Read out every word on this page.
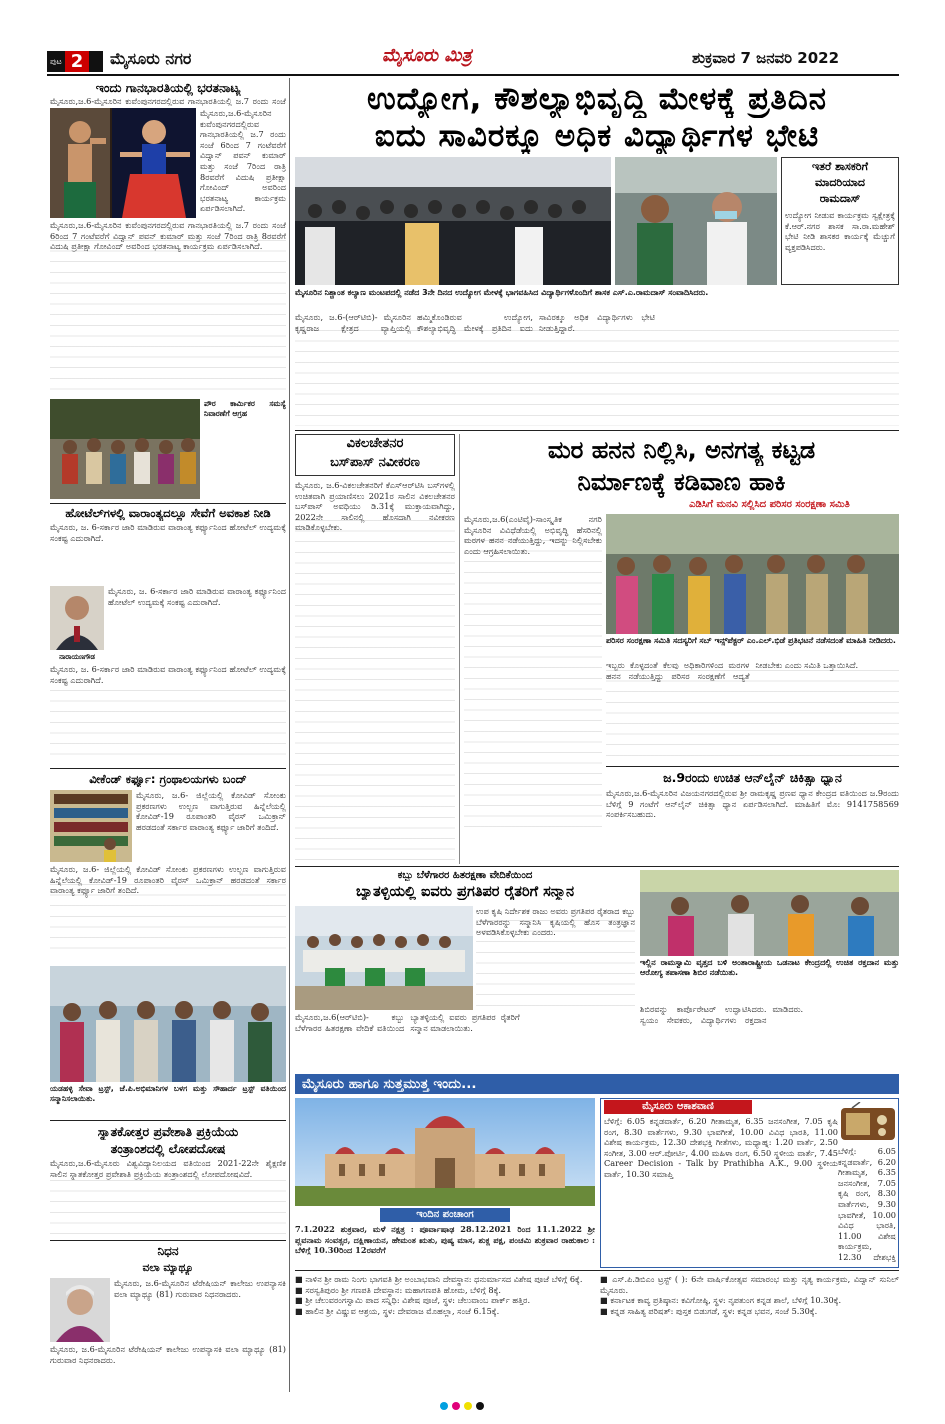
ಪುಟ 2	ಮೈಸೂರು ನಗರ	ಮೈಸೂರು ಮಿತ್ರ	ಶುಕ್ರವಾರ 7 ಜನವರಿ 2022
ಇಂದು ಗಾನಭಾರತಿಯಲ್ಲಿ ಭರತನಾಟ್ಯ
ಮೈಸೂರು,ಜ.6-ಮೈಸೂರಿನ ಕುವೆಂಪುನಗರದಲ್ಲಿರುವ ಗಾನಭಾರತಿಯಲ್ಲಿ ಜ.7 ರಂದು ಸಂಜೆ
ಮೈಸೂರು,ಜ.6-ಮೈಸೂರಿನ ಕುವೆಂಪುನಗರದಲ್ಲಿರುವ ಗಾನಭಾರತಿಯಲ್ಲಿ ಜ.7 ರಂದು ಸಂಜೆ 6ರಿಂದ 7 ಗಂಟೆವರೆಗೆ ವಿದ್ವಾನ್ ಪವನ್ ಕುಮಾರ್ ಮತ್ತು ಸಂಜೆ 7ರಿಂದ ರಾತ್ರಿ 8ರವರೆಗೆ ವಿದುಷಿ ಪ್ರತೀಕ್ಷಾ ಗೋವಿಂದ್ ಅವರಿಂದ ಭರತನಾಟ್ಯ ಕಾರ್ಯಕ್ರಮ ಏರ್ಪಡಿಸಲಾಗಿದೆ.
ಮೈಸೂರು,ಜ.6-ಮೈಸೂರಿನ ಕುವೆಂಪುನಗರದಲ್ಲಿರುವ ಗಾನಭಾರತಿಯಲ್ಲಿ ಜ.7 ರಂದು ಸಂಜೆ 6ರಿಂದ 7 ಗಂಟೆವರೆಗೆ ವಿದ್ವಾನ್ ಪವನ್ ಕುಮಾರ್ ಮತ್ತು ಸಂಜೆ 7ರಿಂದ ರಾತ್ರಿ 8ರವರೆಗೆ ವಿದುಷಿ ಪ್ರತೀಕ್ಷಾ ಗೋವಿಂದ್ ಅವರಿಂದ ಭರತನಾಟ್ಯ ಕಾರ್ಯಕ್ರಮ ಏರ್ಪಡಿಸಲಾಗಿದೆ.
ಪೌರ ಕಾರ್ಮಿಕರ ಸಮಸ್ಯೆ ನಿವಾರಣೆಗೆ ಆಗ್ರಹ
ಹೋಟೆಲ್‌ಗಳಲ್ಲಿ ವಾರಾಂತ್ಯದಲ್ಲೂ ಸೇವೆಗೆ ಅವಕಾಶ ನೀಡಿ
ಮೈಸೂರು, ಜ. 6-ಸರ್ಕಾರ ಜಾರಿ ಮಾಡಿರುವ ವಾರಾಂತ್ಯ ಕರ್ಫ್ಯೂನಿಂದ ಹೋಟೆಲ್ ಉದ್ಯಮಕ್ಕೆ ಸಂಕಷ್ಟ ಎದುರಾಗಿದೆ.
ನಾರಾಯಣಗೌಡ
ಮೈಸೂರು, ಜ. 6-ಸರ್ಕಾರ ಜಾರಿ ಮಾಡಿರುವ ವಾರಾಂತ್ಯ ಕರ್ಫ್ಯೂನಿಂದ ಹೋಟೆಲ್ ಉದ್ಯಮಕ್ಕೆ ಸಂಕಷ್ಟ ಎದುರಾಗಿದೆ.
ಮೈಸೂರು, ಜ. 6-ಸರ್ಕಾರ ಜಾರಿ ಮಾಡಿರುವ ವಾರಾಂತ್ಯ ಕರ್ಫ್ಯೂನಿಂದ ಹೋಟೆಲ್ ಉದ್ಯಮಕ್ಕೆ ಸಂಕಷ್ಟ ಎದುರಾಗಿದೆ.
ವೀಕೆಂಡ್ ಕರ್ಫ್ಯೂ: ಗ್ರಂಥಾಲಯಗಳು ಬಂದ್
ಮೈಸೂರು, ಜ.6- ಜಿಲ್ಲೆಯಲ್ಲಿ ಕೋವಿಡ್ ಸೋಂಕು ಪ್ರಕರಣಗಳು ಉಲ್ಬಣ ವಾಗುತ್ತಿರುವ ಹಿನ್ನೆಲೆಯಲ್ಲಿ ಕೋವಿಡ್-19 ರೂಪಾಂತರಿ ವೈರಸ್ ಒಮಿಕ್ರಾನ್ ಹರಡದಂತೆ ಸರ್ಕಾರ ವಾರಾಂತ್ಯ ಕರ್ಫ್ಯೂ ಜಾರಿಗೆ ತಂದಿದೆ.
ಮೈಸೂರು, ಜ.6- ಜಿಲ್ಲೆಯಲ್ಲಿ ಕೋವಿಡ್ ಸೋಂಕು ಪ್ರಕರಣಗಳು ಉಲ್ಬಣ ವಾಗುತ್ತಿರುವ ಹಿನ್ನೆಲೆಯಲ್ಲಿ ಕೋವಿಡ್-19 ರೂಪಾಂತರಿ ವೈರಸ್ ಒಮಿಕ್ರಾನ್ ಹರಡದಂತೆ ಸರ್ಕಾರ ವಾರಾಂತ್ಯ ಕರ್ಫ್ಯೂ ಜಾರಿಗೆ ತಂದಿದೆ.
ಯಡಹಳ್ಳಿ ಸೇವಾ ಟ್ರಸ್ಟ್, ಜೆ.ಪಿ.ಅಭಿಮಾನಿಗಳ ಬಳಗ ಮತ್ತು ಸೌಹಾರ್ದ ಟ್ರಸ್ಟ್ ವತಿಯಿಂದ ಸನ್ಮಾನಿಸಲಾಯಿತು.
ಸ್ನಾತಕೋತ್ತರ ಪ್ರವೇಶಾತಿ ಪ್ರಕ್ರಿಯೆಯ
ತಂತ್ರಾಂಶದಲ್ಲಿ ಲೋಪದೋಷ
ಮೈಸೂರು,ಜ.6-ಮೈಸೂರು ವಿಶ್ವವಿದ್ಯಾನಿಲಯದ ವತಿಯಿಂದ 2021-22ನೇ ಶೈಕ್ಷಣಿಕ ಸಾಲಿನ ಸ್ನಾತಕೋತ್ತರ ಪ್ರವೇಶಾತಿ ಪ್ರಕ್ರಿಯೆಯ ತಂತ್ರಾಂಶದಲ್ಲಿ ಲೋಪದೋಷವಿದೆ.
ನಿಧನ
ವಲಾ ಮ್ಯಾಥ್ಯೂ
ಮೈಸೂರು, ಜ.6-ಮೈಸೂರಿನ ಟೆರೇಷಿಯನ್ ಕಾಲೇಜು ಉಪನ್ಯಾಸಕಿ ವಲಾ ಮ್ಯಾಥ್ಯೂ (81) ಗುರುವಾರ ನಿಧನರಾದರು.
ಮೈಸೂರು, ಜ.6-ಮೈಸೂರಿನ ಟೆರೇಷಿಯನ್ ಕಾಲೇಜು ಉಪನ್ಯಾಸಕಿ ವಲಾ ಮ್ಯಾಥ್ಯೂ (81) ಗುರುವಾರ ನಿಧನರಾದರು.
ಉದ್ಯೋಗ, ಕೌಶಲ್ಯಾಭಿವೃದ್ಧಿ ಮೇಳಕ್ಕೆ ಪ್ರತಿದಿನ
ಐದು ಸಾವಿರಕ್ಕೂ ಅಧಿಕ ವಿದ್ಯಾರ್ಥಿಗಳ ಭೇಟಿ
ಇತರೆ ಶಾಸಕರಿಗೆ
ಮಾದರಿಯಾದ
ರಾಮದಾಸ್
ಉದ್ಯೋಗ ನೀಡುವ ಕಾರ್ಯಕ್ರಮ ಸ್ವಕ್ಷೇತ್ರಕ್ಕೆ ಕೆ.ಆರ್.ನಗರ ಶಾಸಕ ಸಾ.ರಾ.ಮಹೇಶ್ ಭೇಟಿ ನೀಡಿ ಶಾಸಕರ ಕಾರ್ಯಕ್ಕೆ ಮೆಚ್ಚುಗೆ ವ್ಯಕ್ತಪಡಿಸಿದರು.
ಮೈಸೂರಿನ ನಿಶ್ಚಾಂತ ಕಲ್ಯಾಣ ಮಂಟಪದಲ್ಲಿ ನಡೆದ 3ನೇ ದಿನದ ಉದ್ಯೋಗ ಮೇಳಕ್ಕೆ ಭಾಗವಹಿಸಿದ ವಿದ್ಯಾರ್ಥಿಗಳೊಂದಿಗೆ ಶಾಸಕ ಎಸ್.ಎ.ರಾಮದಾಸ್ ಸಂವಾದಿಸಿದರು.
ಮೈಸೂರು, ಜ.6-(ಆರ್‌ಟಿಬಿ)- ಮೈಸೂರಿನ ಕೃಷ್ಣರಾಜ ಕ್ಷೇತ್ರದ ವ್ಯಾಪ್ತಿಯಲ್ಲಿ ಹಮ್ಮಿಕೊಂಡಿರುವ ಉದ್ಯೋಗ, ಕೌಶಲ್ಯಾಭಿವೃದ್ಧಿ ಮೇಳಕ್ಕೆ ಪ್ರತಿದಿನ ಐದು ಸಾವಿರಕ್ಕೂ ಅಧಿಕ ವಿದ್ಯಾರ್ಥಿಗಳು ಭೇಟಿ ನೀಡುತ್ತಿದ್ದಾರೆ.
ವಿಕಲಚೇತನರ
ಬಸ್‌ಪಾಸ್ ನವೀಕರಣ
ಮೈಸೂರು, ಜ.6-ವಿಕಲಚೇತನರಿಗೆ ಕೆಎಸ್‌ಆರ್‌ಟಿಸಿ ಬಸ್‌ಗಳಲ್ಲಿ ಉಚಿತವಾಗಿ ಪ್ರಯಾಣಿಸಲು 2021ರ ಸಾಲಿನ ವಿಕಲಚೇತನರ ಬಸ್‌ಪಾಸ್ ಅವಧಿಯು ಡಿ.31ಕ್ಕೆ ಮುಕ್ತಾಯವಾಗಿದ್ದು, 2022ನೇ ಸಾಲಿನಲ್ಲಿ ಹೊಸದಾಗಿ ನವೀಕರಣ ಮಾಡಿಕೊಳ್ಳಬೇಕು.
ಮರ ಹನನ ನಿಲ್ಲಿಸಿ, ಅನಗತ್ಯ ಕಟ್ಟಡ
ನಿರ್ಮಾಣಕ್ಕೆ ಕಡಿವಾಣ ಹಾಕಿ
ಎಡಿಸಿಗೆ ಮನವಿ ಸಲ್ಲಿಸಿದ ಪರಿಸರ ಸಂರಕ್ಷಣಾ ಸಮಿತಿ
ಮೈಸೂರು,ಜ.6(ಎಂಟಿವೈ)-ಸಾಂಸ್ಕೃತಿಕ ನಗರಿ ಮೈಸೂರಿನ ವಿವಿಧೆಡೆಯಲ್ಲಿ ಅಭಿವೃದ್ಧಿ ಹೆಸರಿನಲ್ಲಿ ಮರಗಳ ಹನನ ನಡೆಯುತ್ತಿದ್ದು, ಇದನ್ನು ನಿಲ್ಲಿಸಬೇಕು ಎಂದು ಆಗ್ರಹಿಸಲಾಯಿತು.
ಪರಿಸರ ಸಂರಕ್ಷಣಾ ಸಮಿತಿ ಸದಸ್ಯರಿಗೆ ಸಬ್ ಇನ್ಸ್‌ಪೆಕ್ಟರ್ ಎಂ.ಎಲ್.ಭಿಡೆ ಪ್ರತಿಭಟನೆ ನಡೆಸದಂತೆ ಮಾಹಿತಿ ನೀಡಿದರು.
ಇಬ್ಬರು ಕೊಳ್ಳದಂತೆ ಕೆಲವು ಅಧಿಕಾರಿಗಳಿಂದ ಮರಗಳ ಹನನ ನಡೆಯುತ್ತಿದ್ದು ಪರಿಸರ ಸಂರಕ್ಷಣೆಗೆ ಆದ್ಯತೆ ನೀಡಬೇಕು ಎಂದು ಸಮಿತಿ ಒತ್ತಾಯಿಸಿದೆ.
ಜ.9ರಂದು ಉಚಿತ ಆನ್‌ಲೈನ್ ಚಿಕಿತ್ಸಾ ಧ್ಯಾನ
ಮೈಸೂರು,ಜ.6-ಮೈಸೂರಿನ ವಿಜಯನಗರದಲ್ಲಿರುವ ಶ್ರೀ ರಾಮಕೃಷ್ಣ ಪ್ರಣವ ಧ್ಯಾನ ಕೇಂದ್ರದ ವತಿಯಿಂದ ಜ.9ರಂದು ಬೆಳಿಗ್ಗೆ 9 ಗಂಟೆಗೆ ಆನ್‌ಲೈನ್ ಚಿಕಿತ್ಸಾ ಧ್ಯಾನ ಏರ್ಪಡಿಸಲಾಗಿದೆ. ಮಾಹಿತಿಗೆ ಮೊ: 9141758569 ಸಂಪರ್ಕಿಸಬಹುದು.
ಕಬ್ಬು ಬೆಳೆಗಾರರ ಹಿತರಕ್ಷಣಾ ವೇದಿಕೆಯಿಂದ
ಬ್ಯಾತಳ್ಳಿಯಲ್ಲಿ ಐವರು ಪ್ರಗತಿಪರ ರೈತರಿಗೆ ಸನ್ಮಾನ
ಉಪ ಕೃಷಿ ನಿರ್ದೇಶಕ ರಾಜು ಅವರು ಪ್ರಗತಿಪರ ರೈತರಾದ ಕಬ್ಬು ಬೆಳೆಗಾರರನ್ನು ಸನ್ಮಾನಿಸಿ ಕೃಷಿಯಲ್ಲಿ ಹೊಸ ತಂತ್ರಜ್ಞಾನ ಅಳವಡಿಸಿಕೊಳ್ಳಬೇಕು ಎಂದರು.
ಮೈಸೂರು,ಜ.6(ಆರ್‌ಟಿಬಿ)- ಕಬ್ಬು ಬೆಳೆಗಾರರ ಹಿತರಕ್ಷಣಾ ವೇದಿಕೆ ವತಿಯಿಂದ ಬ್ಯಾತಳ್ಳಿಯಲ್ಲಿ ಐವರು ಪ್ರಗತಿಪರ ರೈತರಿಗೆ ಸನ್ಮಾನ ಮಾಡಲಾಯಿತು.
ಇಲ್ಲಿನ ರಾಮಸ್ವಾಮಿ ವೃತ್ತದ ಬಳಿ ಅಂತಾರಾಷ್ಟ್ರೀಯ ಒಡನಾಟ ಕೇಂದ್ರದಲ್ಲಿ ಉಚಿತ ರಕ್ತದಾನ ಮತ್ತು ಆರೋಗ್ಯ ತಪಾಸಣಾ ಶಿಬಿರ ನಡೆಯಿತು.
ಶಿಬಿರವನ್ನು ಕಾರ್ಪೊರೇಟರ್ ಉದ್ಘಾಟಿಸಿದರು. ಸ್ವಯಂ ಸೇವಕರು, ವಿದ್ಯಾರ್ಥಿಗಳು ರಕ್ತದಾನ ಮಾಡಿದರು.
ಮೈಸೂರು ಹಾಗೂ ಸುತ್ತಮುತ್ತ ಇಂದು...
ಇಂದಿನ ಪಂಚಾಂಗ
7.1.2022 ಶುಕ್ರವಾರ, ಮಳೆ ನಕ್ಷತ್ರ : ಪೂರ್ವಾಷಾಢ 28.12.2021 ರಿಂದ 11.1.2022 ಶ್ರೀ ಪ್ಲವನಾಮ ಸಂವತ್ಸರ, ದಕ್ಷಿಣಾಯನ, ಹೇಮಂತ ಋತು, ಪುಷ್ಯ ಮಾಸ, ಶುಕ್ಲ ಪಕ್ಷ, ಪಂಚಮಿ ಶುಕ್ರವಾರ ರಾಹುಕಾಲ : ಬೆಳಿಗ್ಗೆ 10.30ರಿಂದ 12ರವರೆಗೆ
ಮೈಸೂರು ಆಕಾಶವಾಣಿ
ಬೆಳಿಗ್ಗೆ: 6.05 ಕನ್ನಡವಾರ್ತೆ, 6.20 ಗೀತಾಮೃತ, 6.35 ಜನಸಂಗೀತ, 7.05 ಕೃಷಿ ರಂಗ, 8.30 ವಾರ್ತೆಗಳು, 9.30 ಭಾವಗೀತೆ, 10.00 ವಿವಿಧ ಭಾರತಿ, 11.00 ವಿಶೇಷ ಕಾರ್ಯಕ್ರಮ, 12.30 ದೇಶಭಕ್ತಿ ಗೀತೆಗಳು, ಮಧ್ಯಾಹ್ನ: 1.20 ವಾರ್ತೆ, 2.50 ಸಂಗೀತ, 3.00 ಆರ್.ಪೋರ್ಟಿ, 4.00 ಮಹಿಳಾ ರಂಗ, 6.50 ಸ್ಥಳೀಯ ವಾರ್ತೆ, 7.45 Career Decision - Talk by Prathibha A.K., 9.00 ಸ್ಥಳೀಯ ವಾರ್ತೆ, 10.30 ಸಮಾಪ್ತಿ
ಬೆಳಿಗ್ಗೆ: 6.05 ಕನ್ನಡವಾರ್ತೆ, 6.20 ಗೀತಾಮೃತ, 6.35 ಜನಸಂಗೀತ, 7.05 ಕೃಷಿ ರಂಗ, 8.30 ವಾರ್ತೆಗಳು, 9.30 ಭಾವಗೀತೆ, 10.00 ವಿವಿಧ ಭಾರತಿ, 11.00 ವಿಶೇಷ ಕಾರ್ಯಕ್ರಮ, 12.30 ದೇಶಭಕ್ತಿ
■ ನಾಳಿನ ಶ್ರೀ ರಾಮ ನಿಂಗು ಭಾಗವತಿ ಶ್ರೀ ಅಂಬಾಭವಾನಿ ದೇವಸ್ಥಾನ: ಧನುರ್ಮಾಸದ ವಿಶೇಷ ಪೂಜೆ ಬೆಳಿಗ್ಗೆ 6ಕ್ಕೆ.
■ ಸರಸ್ವತಿಪುರಂ ಶ್ರೀ ಗಣಪತಿ ದೇವಸ್ಥಾನ: ಮಹಾಗಣಪತಿ ಹೋಮ, ಬೆಳಿಗ್ಗೆ 8ಕ್ಕೆ.
■ ಶ್ರೀ ಚೆಲುವರಂಗಸ್ವಾಮಿ ಪಾದ ಸನ್ನಿಧಿ: ವಿಶೇಷ ಪೂಜೆ, ಸ್ಥಳ: ಚೆಲುವಾಂಬ ಪಾರ್ಕ್ ಹತ್ತಿರ.
■ ಹಾಲಿನ ಶ್ರೀ ವಿಷ್ಣುವ ಆಶ್ರಯ, ಸ್ಥಳ: ದೇವರಾಜ ಮೊಹಲ್ಲಾ, ಸಂಜೆ 6.15ಕ್ಕೆ.
■ ಎಸ್.ಪಿ.ಡಿಬಿಎಂ ಟ್ರಸ್ಟ್ ( ): 6ನೇ ವಾರ್ಷಿಕೋತ್ಸವ ಸಮಾರಂಭ ಮತ್ತು ನೃತ್ಯ ಕಾರ್ಯಕ್ರಮ, ವಿದ್ವಾನ್ ಸುನಿಲ್ ಮೈಸೂರು.
■ ಕರ್ನಾಟಕ ಕಾವ್ಯ ಪ್ರತಿಷ್ಠಾನ: ಕವಿಗೋಷ್ಠಿ, ಸ್ಥಳ: ನೃಪತುಂಗ ಕನ್ನಡ ಶಾಲೆ, ಬೆಳಿಗ್ಗೆ 10.30ಕ್ಕೆ.
■ ಕನ್ನಡ ಸಾಹಿತ್ಯ ಪರಿಷತ್: ಪುಸ್ತಕ ಬಿಡುಗಡೆ, ಸ್ಥಳ: ಕನ್ನಡ ಭವನ, ಸಂಜೆ 5.30ಕ್ಕೆ.
